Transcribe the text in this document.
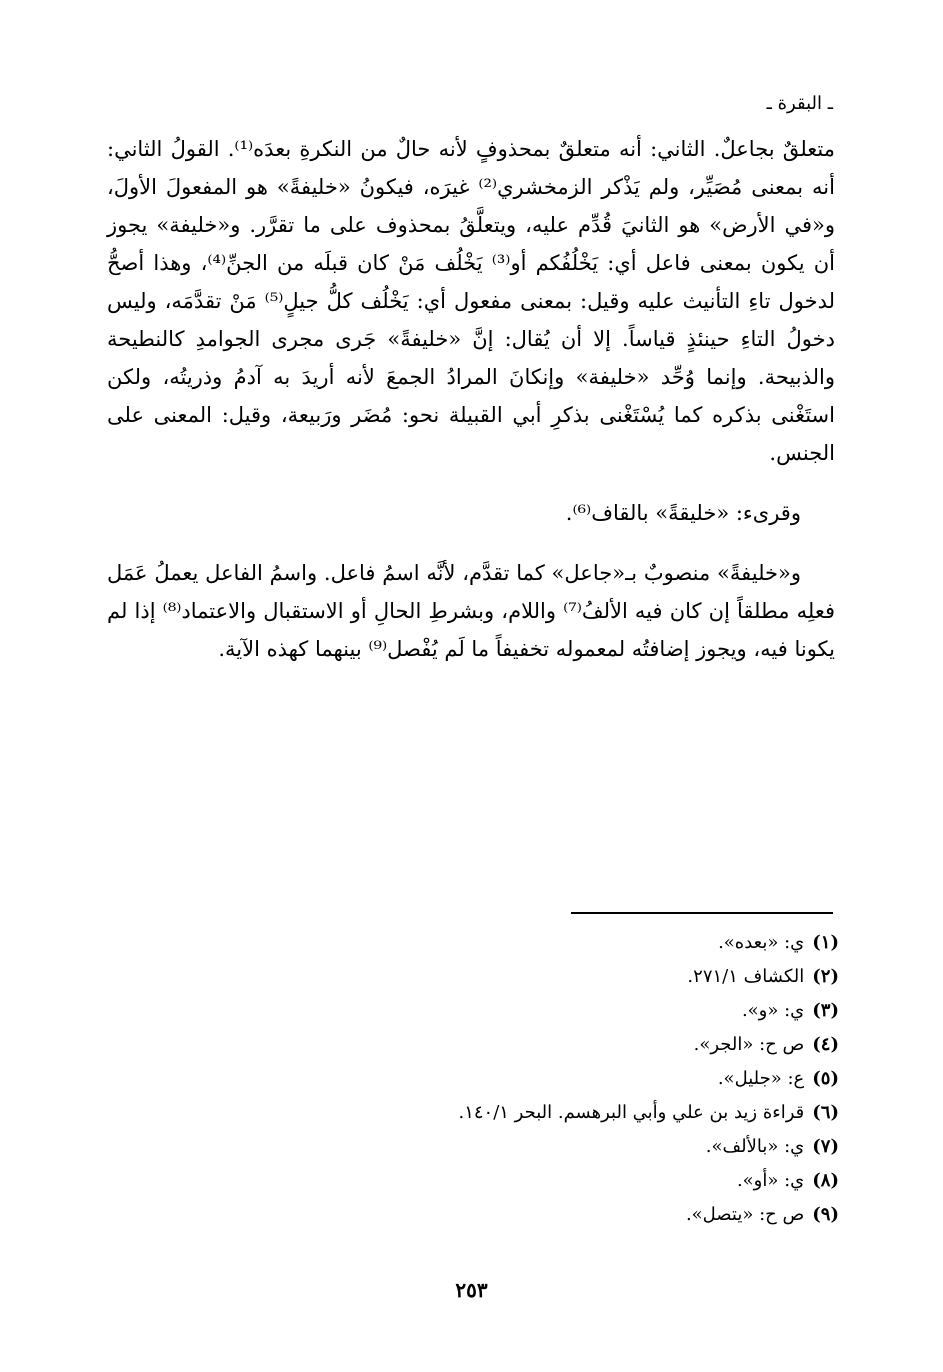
ـ البقرة ـ

متعلقٌ بجاعلٌ. الثاني: أنه متعلقٌ بمحذوفٍ لأنه حالٌ من النكرةِ بعدَه⁽¹⁾. القولُ الثاني: أنه بمعنى مُصَيِّر، ولم يَذْكر الزمخشري⁽²⁾ غيرَه، فيكونُ «خليفةً» هو المفعولَ الأولَ، و«في الأرض» هو الثانيَ قُدِّم عليه، ويتعلَّقُ بمحذوف على ما تقرَّر. و«خليفة» يجوز أن يكون بمعنى فاعل أي: يَخْلُفُكم أو⁽³⁾ يَخْلُف مَنْ كان قبلَه من الجنِّ⁽⁴⁾، وهذا أصحُّ لدخول تاءِ التأنيث عليه وقيل: بمعنى مفعول أي: يَخْلُف كلُّ جيلٍ⁽⁵⁾ مَنْ تقدَّمَه، وليس دخولُ التاءِ حينئذٍ قياساً. إلا أن يُقال: إنَّ «خليفةً» جَرى مجرى الجوامدِ كالنطيحة والذبيحة. وإنما وُحِّد «خليفة» وإنكانَ المرادُ الجمعَ لأنه أريدَ به آدمُ وذريتُه، ولكن استَغْنى بذكره كما يُسْتَغْنى بذكرِ أبي القبيلة نحو: مُضَر ورَبيعة، وقيل: المعنى على الجنس.

وقرىء: «خليقةً» بالقاف⁽⁶⁾.

و«خليفةً» منصوبٌ بـ«جاعل» كما تقدَّم، لأنَّه اسمُ فاعل. واسمُ الفاعل يعملُ عَمَل فعلِه مطلقاً إن كان فيه الألفُ⁽⁷⁾ واللام، وبشرطِ الحالِ أو الاستقبال والاعتماد⁽⁸⁾ إذا لم يكونا فيه، ويجوز إضافتُه لمعموله تخفيفاً ما لَم يُفْصل⁽⁹⁾ بينهما كهذه الآية.

(١)ي: «بعده».
(٢)الكشاف ٢٧١/١.
(٣)ي: «و».
(٤)ص ح: «الجر».
(٥)ع: «جليل».
(٦)قراءة زيد بن علي وأبي البرهسم. البحر ١٤٠/١.
(٧)ي: «بالألف».
(٨)ي: «أو».
(٩)ص ح: «يتصل».
٢٥٣
